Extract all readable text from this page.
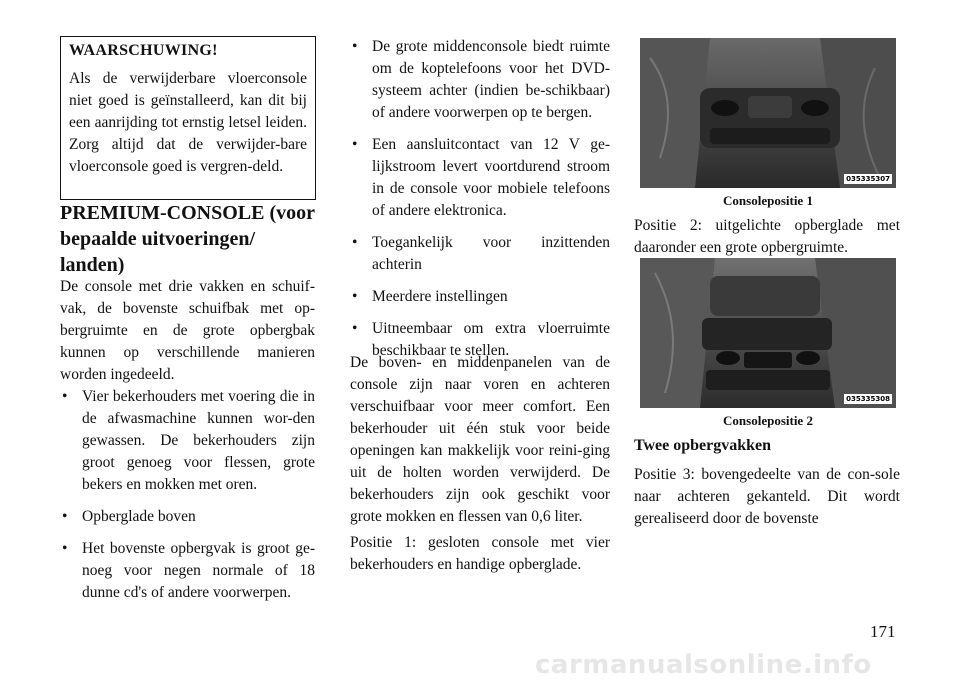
WAARSCHUWING!

Als de verwijderbare vloerconsole niet goed is geïnstalleerd, kan dit bij een aanrijding tot ernstig letsel leiden. Zorg altijd dat de verwijder-bare vloerconsole goed is vergren-deld.

PREMIUM-CONSOLE (voor bepaalde uitvoeringen/ landen)

De console met drie vakken en schuif-vak, de bovenste schuifbak met op-bergruimte en de grote opbergbak kunnen op verschillende manieren worden ingedeeld.

• Vier bekerhouders met voering die in de afwasmachine kunnen wor-den gewassen. De bekerhouders zijn groot genoeg voor flessen, grote bekers en mokken met oren.
• Opberglade boven
• Het bovenste opbergvak is groot ge-noeg voor negen normale of 18 dunne cd's of andere voorwerpen.
• De grote middenconsole biedt ruimte om de koptelefoons voor het DVD-systeem achter (indien be-schikbaar) of andere voorwerpen op te bergen.
• Een aansluitcontact van 12 V ge-lijkstroom levert voortdurend stroom in de console voor mobiele telefoons of andere elektronica.
• Toegankelijk voor inzittenden achterin
• Meerdere instellingen
• Uitneembaar om extra vloerruimte beschikbaar te stellen.

De boven- en middenpanelen van de console zijn naar voren en achteren verschuifbaar voor meer comfort. Een bekerhouder uit één stuk voor beide openingen kan makkelijk voor reini-ging uit de holten worden verwijderd. De bekerhouders zijn ook geschikt voor grote mokken en flessen van 0,6 liter.

Positie 1: gesloten console met vier bekerhouders en handige opberglade.

035335307
Consolepositie 1

Positie 2: uitgelichte opberglade met daaronder een grote opbergruimte.

035335308
Consolepositie 2
Twee opbergvakken

Positie 3: bovengedeelte van de con-sole naar achteren gekanteld. Dit wordt gerealiseerd door de bovenste

171
carmanualsonline.info
